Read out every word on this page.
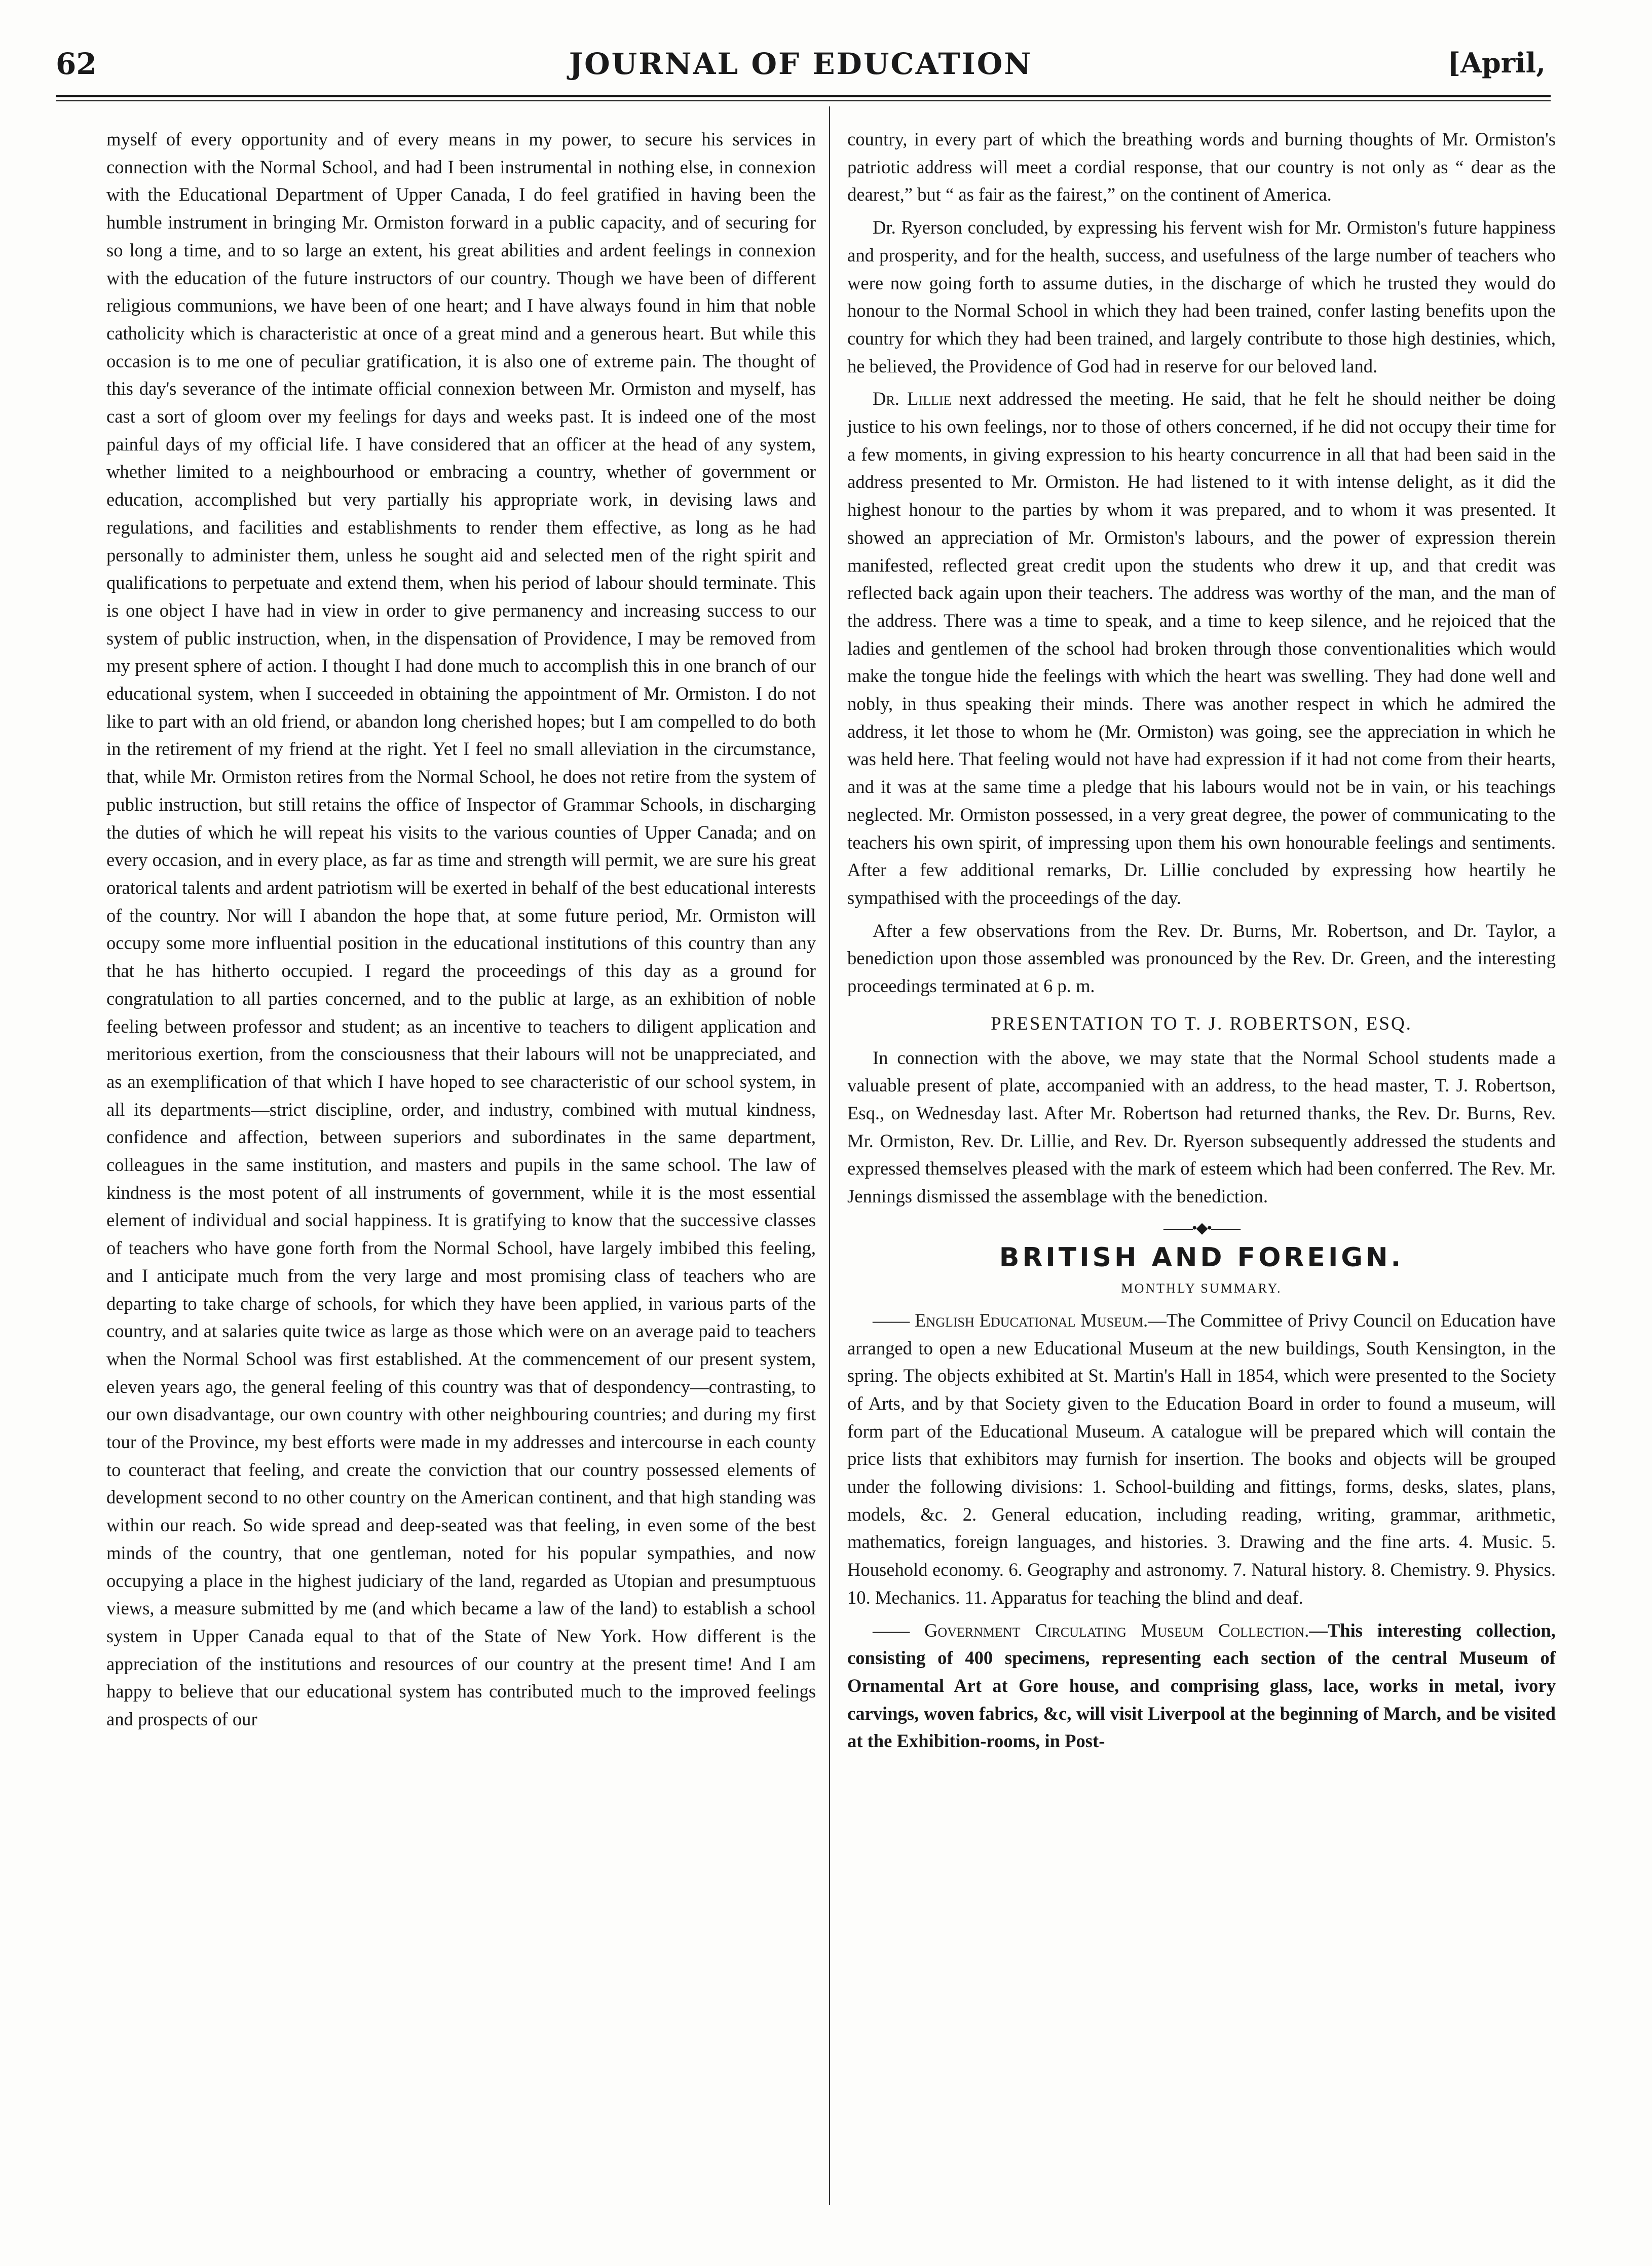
62	JOURNAL OF EDUCATION	[April,

myself of every opportunity and of every means in my power, to secure his services in connection with the Normal School, and had I been instrumental in nothing else, in connexion with the Educational Department of Upper Canada, I do feel gratified in having been the humble instrument in bringing Mr. Ormiston forward in a public capacity, and of securing for so long a time, and to so large an extent, his great abilities and ardent feelings in connexion with the education of the future instructors of our country. Though we have been of different religious communions, we have been of one heart; and I have always found in him that noble catholicity which is characteristic at once of a great mind and a generous heart. But while this occasion is to me one of peculiar gratification, it is also one of extreme pain. The thought of this day's severance of the intimate official connexion between Mr. Ormiston and myself, has cast a sort of gloom over my feelings for days and weeks past. It is indeed one of the most painful days of my official life. I have considered that an officer at the head of any system, whether limited to a neighbourhood or embracing a country, whether of government or education, accomplished but very partially his appropriate work, in devising laws and regulations, and facilities and establishments to render them effective, as long as he had personally to administer them, unless he sought aid and selected men of the right spirit and qualifications to perpetuate and extend them, when his period of labour should terminate. This is one object I have had in view in order to give permanency and increasing success to our system of public instruction, when, in the dispensation of Providence, I may be removed from my present sphere of action. I thought I had done much to accomplish this in one branch of our educational system, when I succeeded in obtaining the appointment of Mr. Ormiston. I do not like to part with an old friend, or abandon long cherished hopes; but I am compelled to do both in the retirement of my friend at the right. Yet I feel no small alleviation in the circumstance, that, while Mr. Ormiston retires from the Normal School, he does not retire from the system of public instruction, but still retains the office of Inspector of Grammar Schools, in discharging the duties of which he will repeat his visits to the various counties of Upper Canada; and on every occasion, and in every place, as far as time and strength will permit, we are sure his great oratorical talents and ardent patriotism will be exerted in behalf of the best educational interests of the country. Nor will I abandon the hope that, at some future period, Mr. Ormiston will occupy some more influential position in the educational institutions of this country than any that he has hitherto occupied. I regard the proceedings of this day as a ground for congratulation to all parties concerned, and to the public at large, as an exhibition of noble feeling between professor and student; as an incentive to teachers to diligent application and meritorious exertion, from the consciousness that their labours will not be unappreciated, and as an exemplification of that which I have hoped to see characteristic of our school system, in all its departments—strict discipline, order, and industry, combined with mutual kindness, confidence and affection, between superiors and subordinates in the same department, colleagues in the same institution, and masters and pupils in the same school. The law of kindness is the most potent of all instruments of government, while it is the most essential element of individual and social happiness. It is gratifying to know that the successive classes of teachers who have gone forth from the Normal School, have largely imbibed this feeling, and I anticipate much from the very large and most promising class of teachers who are departing to take charge of schools, for which they have been applied, in various parts of the country, and at salaries quite twice as large as those which were on an average paid to teachers when the Normal School was first established. At the commencement of our present system, eleven years ago, the general feeling of this country was that of despondency—contrasting, to our own disadvantage, our own country with other neighbouring countries; and during my first tour of the Province, my best efforts were made in my addresses and intercourse in each county to counteract that feeling, and create the conviction that our country possessed elements of development second to no other country on the American continent, and that high standing was within our reach. So wide spread and deep-seated was that feeling, in even some of the best minds of the country, that one gentleman, noted for his popular sympathies, and now occupying a place in the highest judiciary of the land, regarded as Utopian and presumptuous views, a measure submitted by me (and which became a law of the land) to establish a school system in Upper Canada equal to that of the State of New York. How different is the appreciation of the institutions and resources of our country at the present time! And I am happy to believe that our educational system has contributed much to the improved feelings and prospects of our

country, in every part of which the breathing words and burning thoughts of Mr. Ormiston's patriotic address will meet a cordial response, that our country is not only as “ dear as the dearest,” but “ as fair as the fairest,” on the continent of America.

Dr. Ryerson concluded, by expressing his fervent wish for Mr. Ormiston's future happiness and prosperity, and for the health, success, and usefulness of the large number of teachers who were now going forth to assume duties, in the discharge of which he trusted they would do honour to the Normal School in which they had been trained, confer lasting benefits upon the country for which they had been trained, and largely contribute to those high destinies, which, he believed, the Providence of God had in reserve for our beloved land.

Dr. Lillie next addressed the meeting. He said, that he felt he should neither be doing justice to his own feelings, nor to those of others concerned, if he did not occupy their time for a few moments, in giving expression to his hearty concurrence in all that had been said in the address presented to Mr. Ormiston. He had listened to it with intense delight, as it did the highest honour to the parties by whom it was prepared, and to whom it was presented. It showed an appreciation of Mr. Ormiston's labours, and the power of expression therein manifested, reflected great credit upon the students who drew it up, and that credit was reflected back again upon their teachers. The address was worthy of the man, and the man of the address. There was a time to speak, and a time to keep silence, and he rejoiced that the ladies and gentlemen of the school had broken through those conventionalities which would make the tongue hide the feelings with which the heart was swelling. They had done well and nobly, in thus speaking their minds. There was another respect in which he admired the address, it let those to whom he (Mr. Ormiston) was going, see the appreciation in which he was held here. That feeling would not have had expression if it had not come from their hearts, and it was at the same time a pledge that his labours would not be in vain, or his teachings neglected. Mr. Ormiston possessed, in a very great degree, the power of communicating to the teachers his own spirit, of impressing upon them his own honourable feelings and sentiments. After a few additional remarks, Dr. Lillie concluded by expressing how heartily he sympathised with the proceedings of the day.

After a few observations from the Rev. Dr. Burns, Mr. Robertson, and Dr. Taylor, a benediction upon those assembled was pronounced by the Rev. Dr. Green, and the interesting proceedings terminated at 6 p. m.

PRESENTATION TO T. J. ROBERTSON, ESQ.

In connection with the above, we may state that the Normal School students made a valuable present of plate, accompanied with an address, to the head master, T. J. Robertson, Esq., on Wednesday last. After Mr. Robertson had returned thanks, the Rev. Dr. Burns, Rev. Mr. Ormiston, Rev. Dr. Lillie, and Rev. Dr. Ryerson subsequently addressed the students and expressed themselves pleased with the mark of esteem which had been conferred. The Rev. Mr. Jennings dismissed the assemblage with the benediction.

——•◆•——
BRITISH AND FOREIGN.
MONTHLY SUMMARY.

—— English Educational Museum.—The Committee of Privy Council on Education have arranged to open a new Educational Museum at the new buildings, South Kensington, in the spring. The objects exhibited at St. Martin's Hall in 1854, which were presented to the Society of Arts, and by that Society given to the Education Board in order to found a museum, will form part of the Educational Museum. A catalogue will be prepared which will contain the price lists that exhibitors may furnish for insertion. The books and objects will be grouped under the following divisions: 1. School-building and fittings, forms, desks, slates, plans, models, &c. 2. General education, including reading, writing, grammar, arithmetic, mathematics, foreign languages, and histories. 3. Drawing and the fine arts. 4. Music. 5. Household economy. 6. Geography and astronomy. 7. Natural history. 8. Chemistry. 9. Physics. 10. Mechanics. 11. Apparatus for teaching the blind and deaf.

—— Government Circulating Museum Collection.—This interesting collection, consisting of 400 specimens, representing each section of the central Museum of Ornamental Art at Gore house, and comprising glass, lace, works in metal, ivory carvings, woven fabrics, &c, will visit Liverpool at the beginning of March, and be visited at the Exhibition-rooms, in Post-
